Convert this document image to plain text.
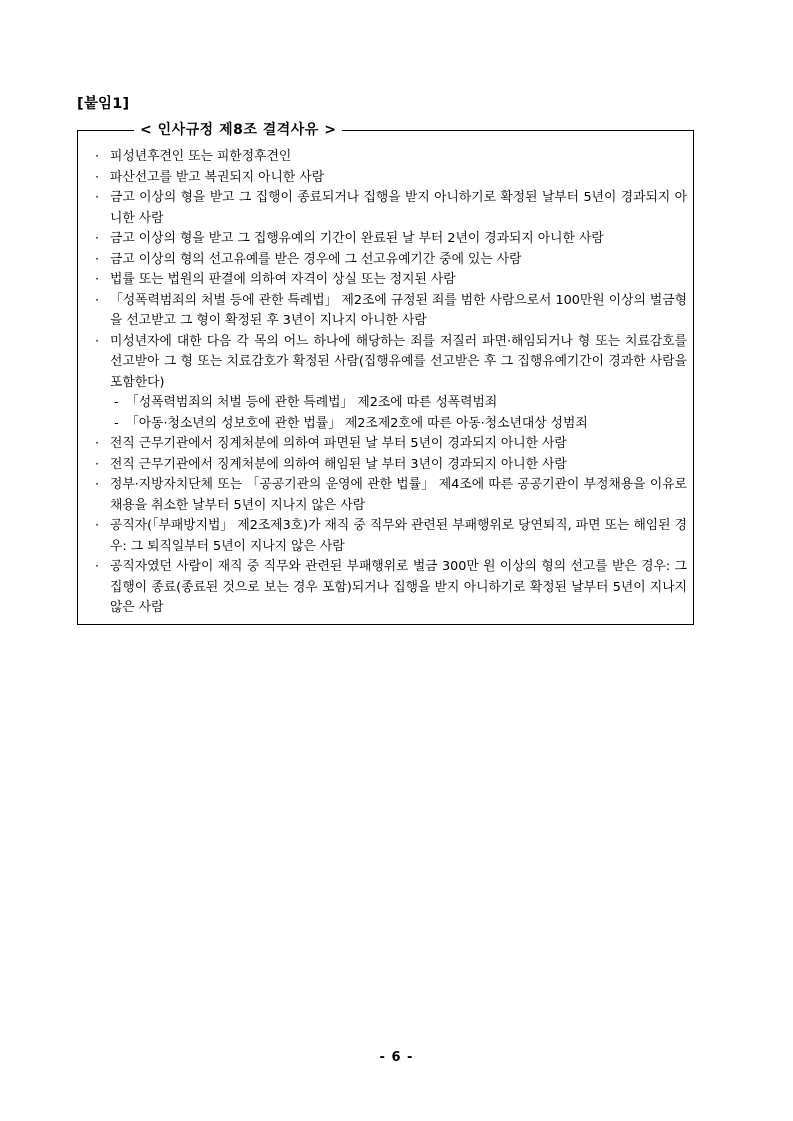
[붙임1]
< 인사규정 제8조 결격사유 >
· 피성년후견인 또는 피한정후견인
· 파산선고를 받고 복권되지 아니한 사람
· 금고 이상의 형을 받고 그 집행이 종료되거나 집행을 받지 아니하기로 확정된 날부터 5년이 경과되지 아니한 사람
· 금고 이상의 형을 받고 그 집행유예의 기간이 완료된 날 부터 2년이 경과되지 아니한 사람
· 금고 이상의 형의 선고유예를 받은 경우에 그 선고유예기간 중에 있는 사람
· 법률 또는 법원의 판결에 의하여 자격이 상실 또는 정지된 사람
· 「성폭력범죄의 처벌 등에 관한 특례법」 제2조에 규정된 죄를 범한 사람으로서 100만원 이상의 벌금형을 선고받고 그 형이 확정된 후 3년이 지나지 아니한 사람
· 미성년자에 대한 다음 각 목의 어느 하나에 해당하는 죄를 저질러 파면·해임되거나 형 또는 치료감호를 선고받아 그 형 또는 치료감호가 확정된 사람(집행유예를 선고받은 후 그 집행유예기간이 경과한 사람을 포함한다)
- 「성폭력범죄의 처벌 등에 관한 특례법」 제2조에 따른 성폭력범죄
- 「아동·청소년의 성보호에 관한 법률」 제2조제2호에 따른 아동·청소년대상 성범죄
· 전직 근무기관에서 징계처분에 의하여 파면된 날 부터 5년이 경과되지 아니한 사람
· 전직 근무기관에서 징계처분에 의하여 해임된 날 부터 3년이 경과되지 아니한 사람
· 정부·지방자치단체 또는 「공공기관의 운영에 관한 법률」 제4조에 따른 공공기관이 부정채용을 이유로 채용을 취소한 날부터 5년이 지나지 않은 사람
· 공직자(「부패방지법」 제2조제3호)가 재직 중 직무와 관련된 부패행위로 당연퇴직, 파면 또는 해임된 경우: 그 퇴직일부터 5년이 지나지 않은 사람
· 공직자였던 사람이 재직 중 직무와 관련된 부패행위로 벌금 300만 원 이상의 형의 선고를 받은 경우: 그 집행이 종료(종료된 것으로 보는 경우 포함)되거나 집행을 받지 아니하기로 확정된 날부터 5년이 지나지 않은 사람
- 6 -
